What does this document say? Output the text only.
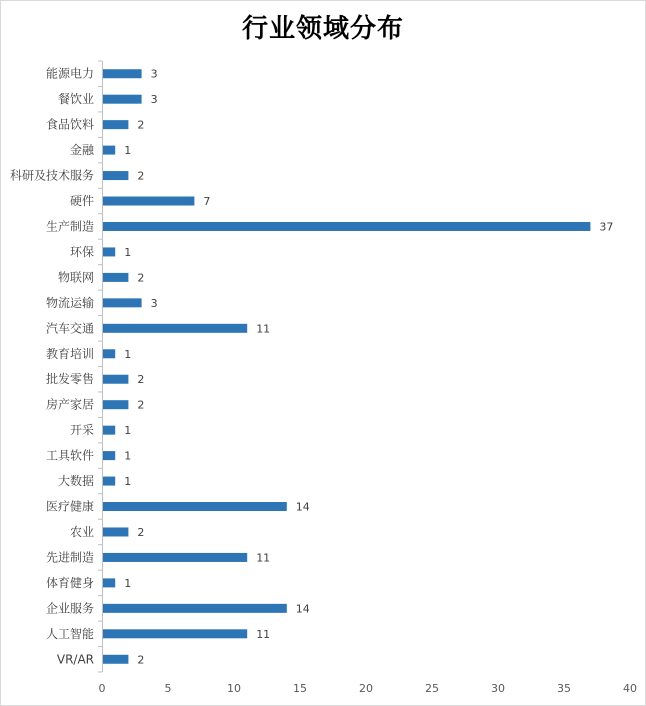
行业领域分布
能源电力	3
餐饮业	3
食品饮料	2
金融	1
科研及技术服务	2
硬件	7
生产制造	37
环保	1
物联网	2
物流运输	3
汽车交通	11
教育培训	1
批发零售	2
房产家居	2
开采	1
工具软件	1
大数据	1
医疗健康	14
农业	2
先进制造	11
体育健身	1
企业服务	14
人工智能	11
VR/AR	2
0	5	10	15	20	25	30	35	40
